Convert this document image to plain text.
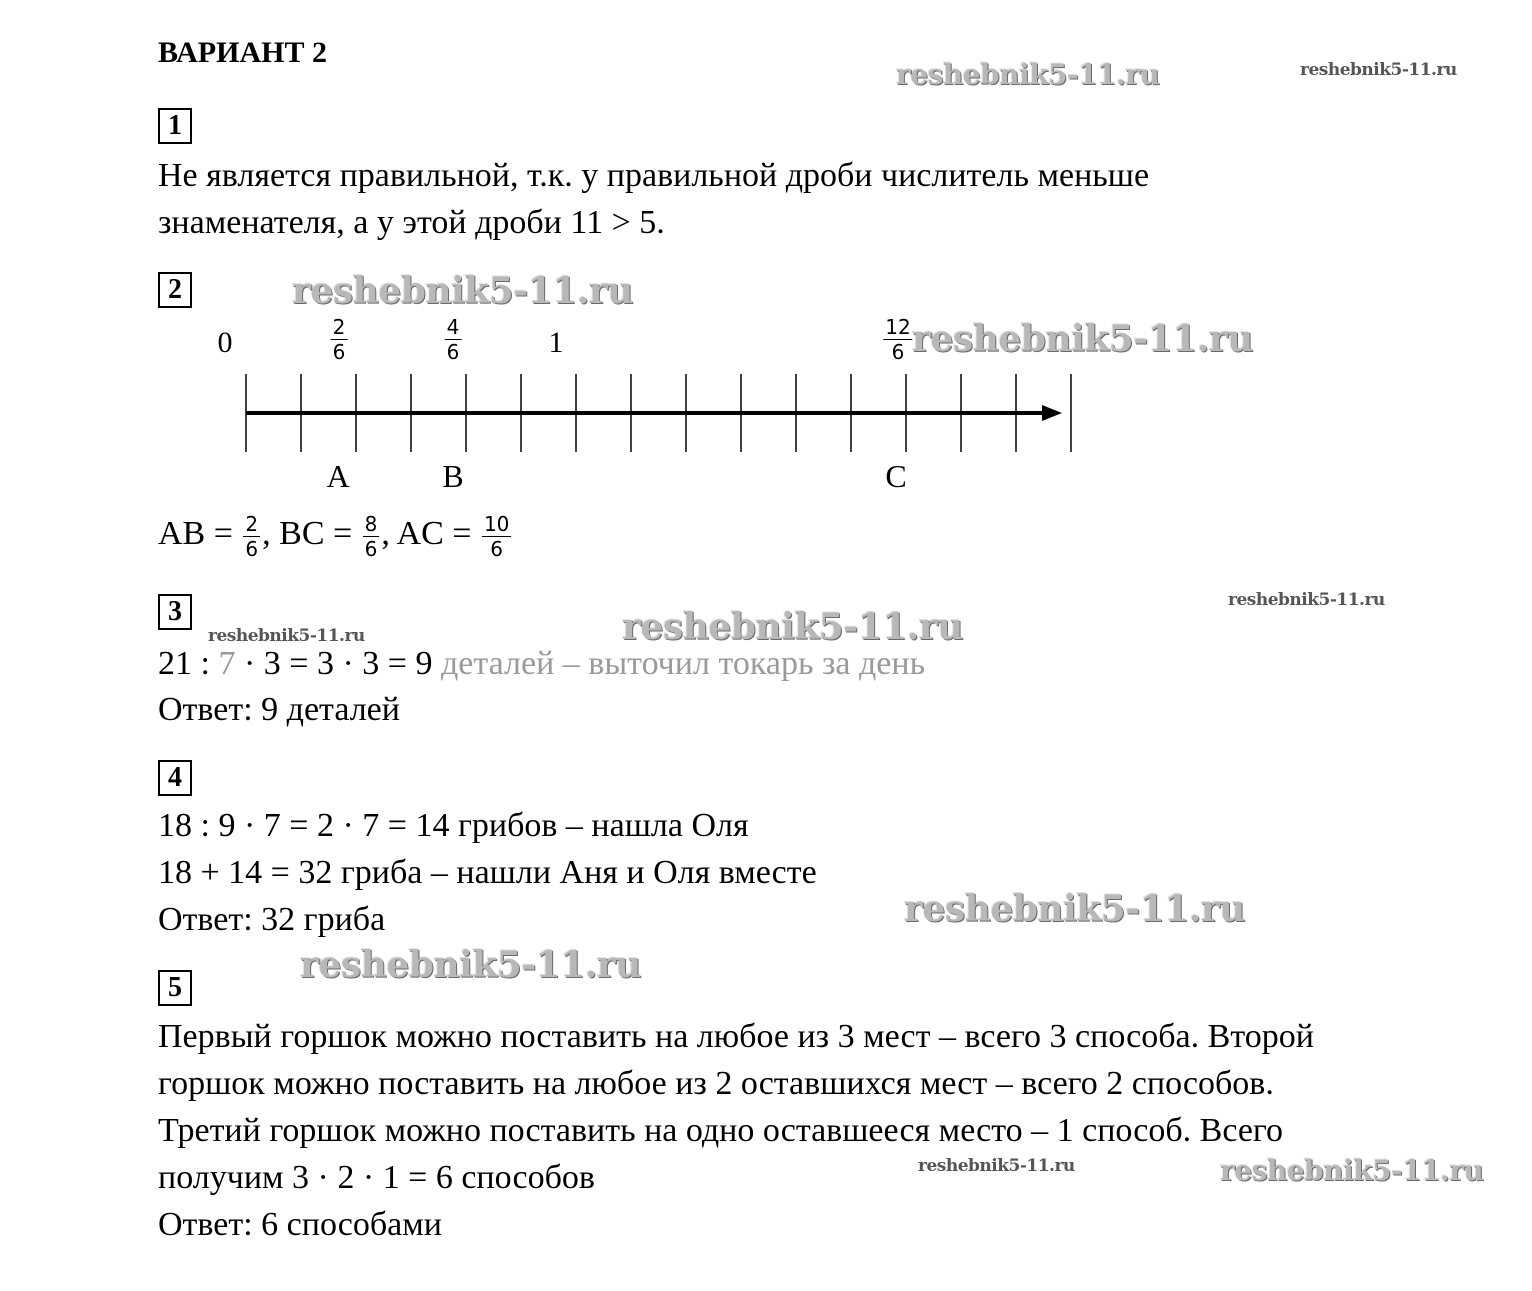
ВАРИАНТ 2
reshebnik5-11.ru	reshebnik5-11.ru
reshebnik5-11.ru
reshebnik5-11.ru
reshebnik5-11.ru
reshebnik5-11.ru	reshebnik5-11.ru
reshebnik5-11.ru
reshebnik5-11.ru
reshebnik5-11.ru	reshebnik5-11.ru
1
Не является правильной, т.к. у правильной дроби числитель меньше
знаменателя, а у этой дроби 11 > 5.
2
0	1
$\frac{2}{6}$	$\frac{4}{6}$	$\frac{12}{6}$
A	B	C
AB = $\frac{2}{6}$ , BC = $\frac{8}{6}$ , AC = $\frac{10}{6}$
3
21 : 7 · 3 = 3 · 3 = 9 деталей – выточил токарь за день
Ответ: 9 деталей
4
18 : 9 · 7 = 2 · 7 = 14 грибов – нашла Оля
18 + 14 = 32 гриба – нашли Аня и Оля вместе
Ответ: 32 гриба
5
Первый горшок можно поставить на любое из 3 мест – всего 3 способа. Второй
горшок можно поставить на любое из 2 оставшихся мест – всего 2 способов.
Третий горшок можно поставить на одно оставшееся место – 1 способ. Всего
получим 3 · 2 · 1 = 6 способов
Ответ: 6 способами
